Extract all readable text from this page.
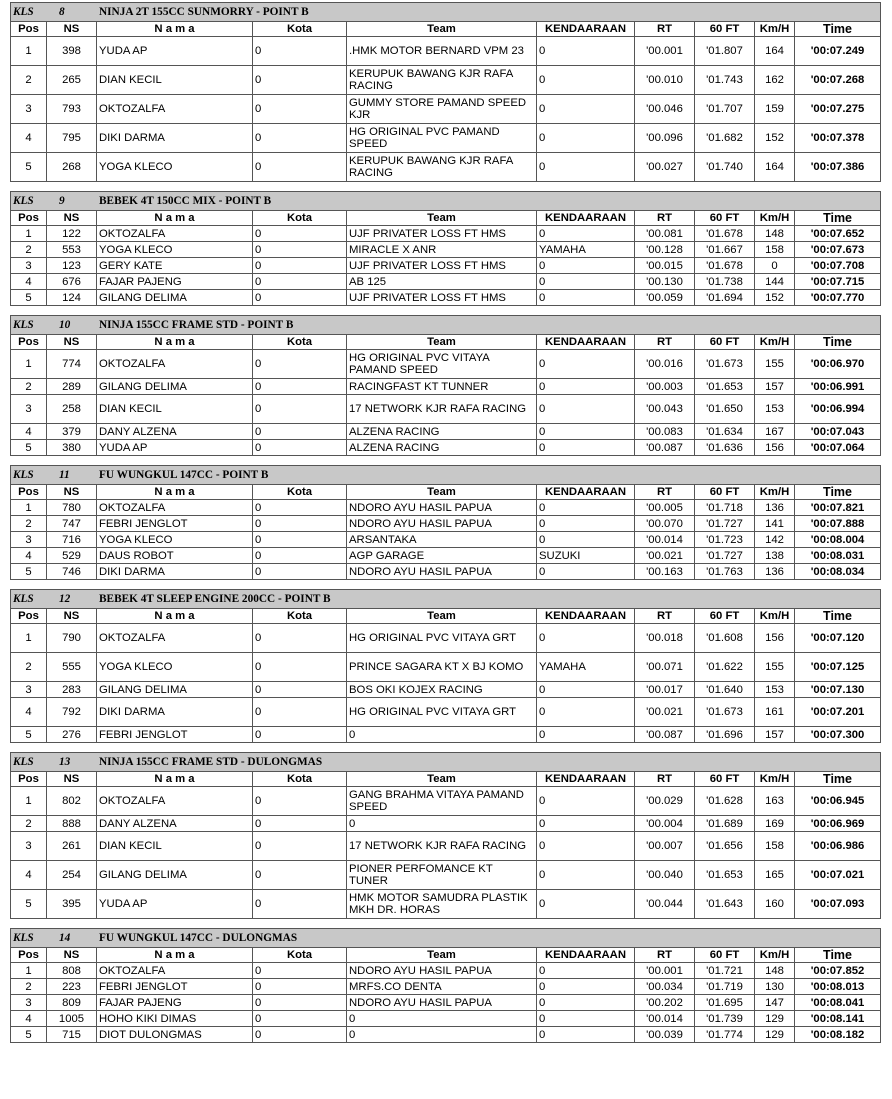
KLS 8 NINJA 2T 155CC SUNMORRY - POINT B									
Pos	NS	N a m a	Kota	Team	KENDAARAAN	RT	60 FT	Km/H	Time
1	398	YUDA AP	0	.HMK MOTOR BERNARD VPM 23	0	'00.001	'01.807	164	'00:07.249
2	265	DIAN KECIL	0	KERUPUK BAWANG KJR RAFA RACING	0	'00.010	'01.743	162	'00:07.268
3	793	OKTOZALFA	0	GUMMY STORE PAMAND SPEED KJR	0	'00.046	'01.707	159	'00:07.275
4	795	DIKI DARMA	0	HG ORIGINAL PVC PAMAND SPEED	0	'00.096	'01.682	152	'00:07.378
5	268	YOGA KLECO	0	KERUPUK BAWANG KJR RAFA RACING	0	'00.027	'01.740	164	'00:07.386
KLS 9 BEBEK 4T 150CC MIX - POINT B									
Pos	NS	N a m a	Kota	Team	KENDAARAAN	RT	60 FT	Km/H	Time
1	122	OKTOZALFA	0	UJF PRIVATER LOSS FT HMS	0	'00.081	'01.678	148	'00:07.652
2	553	YOGA KLECO	0	MIRACLE X ANR	YAMAHA	'00.128	'01.667	158	'00:07.673
3	123	GERY KATE	0	UJF PRIVATER LOSS FT HMS	0	'00.015	'01.678	0	'00:07.708
4	676	FAJAR PAJENG	0	AB 125	0	'00.130	'01.738	144	'00:07.715
5	124	GILANG DELIMA	0	UJF PRIVATER LOSS FT HMS	0	'00.059	'01.694	152	'00:07.770
KLS 10 NINJA 155CC FRAME STD - POINT B									
Pos	NS	N a m a	Kota	Team	KENDAARAAN	RT	60 FT	Km/H	Time
1	774	OKTOZALFA	0	HG ORIGINAL PVC VITAYA PAMAND SPEED	0	'00.016	'01.673	155	'00:06.970
2	289	GILANG DELIMA	0	RACINGFAST KT TUNNER	0	'00.003	'01.653	157	'00:06.991
3	258	DIAN KECIL	0	17 NETWORK KJR RAFA RACING	0	'00.043	'01.650	153	'00:06.994
4	379	DANY ALZENA	0	ALZENA RACING	0	'00.083	'01.634	167	'00:07.043
5	380	YUDA AP	0	ALZENA RACING	0	'00.087	'01.636	156	'00:07.064
KLS 11 FU WUNGKUL 147CC - POINT B									
Pos	NS	N a m a	Kota	Team	KENDAARAAN	RT	60 FT	Km/H	Time
1	780	OKTOZALFA	0	NDORO AYU HASIL PAPUA	0	'00.005	'01.718	136	'00:07.821
2	747	FEBRI JENGLOT	0	NDORO AYU HASIL PAPUA	0	'00.070	'01.727	141	'00:07.888
3	716	YOGA KLECO	0	ARSANTAKA	0	'00.014	'01.723	142	'00:08.004
4	529	DAUS ROBOT	0	AGP GARAGE	SUZUKI	'00.021	'01.727	138	'00:08.031
5	746	DIKI DARMA	0	NDORO AYU HASIL PAPUA	0	'00.163	'01.763	136	'00:08.034
KLS 12 BEBEK 4T SLEEP ENGINE 200CC - POINT B									
Pos	NS	N a m a	Kota	Team	KENDAARAAN	RT	60 FT	Km/H	Time
1	790	OKTOZALFA	0	HG ORIGINAL PVC VITAYA GRT	0	'00.018	'01.608	156	'00:07.120
2	555	YOGA KLECO	0	PRINCE SAGARA KT X BJ KOMO	YAMAHA	'00.071	'01.622	155	'00:07.125
3	283	GILANG DELIMA	0	BOS OKI KOJEX RACING	0	'00.017	'01.640	153	'00:07.130
4	792	DIKI DARMA	0	HG ORIGINAL PVC VITAYA GRT	0	'00.021	'01.673	161	'00:07.201
5	276	FEBRI JENGLOT	0	0	0	'00.087	'01.696	157	'00:07.300
KLS 13 NINJA 155CC FRAME STD - DULONGMAS									
Pos	NS	N a m a	Kota	Team	KENDAARAAN	RT	60 FT	Km/H	Time
1	802	OKTOZALFA	0	GANG BRAHMA VITAYA PAMAND SPEED	0	'00.029	'01.628	163	'00:06.945
2	888	DANY ALZENA	0	0	0	'00.004	'01.689	169	'00:06.969
3	261	DIAN KECIL	0	17 NETWORK KJR RAFA RACING	0	'00.007	'01.656	158	'00:06.986
4	254	GILANG DELIMA	0	PIONER PERFOMANCE KT TUNER	0	'00.040	'01.653	165	'00:07.021
5	395	YUDA AP	0	HMK MOTOR SAMUDRA PLASTIK MKH DR. HORAS	0	'00.044	'01.643	160	'00:07.093
KLS 14 FU WUNGKUL 147CC - DULONGMAS									
Pos	NS	N a m a	Kota	Team	KENDAARAAN	RT	60 FT	Km/H	Time
1	808	OKTOZALFA	0	NDORO AYU HASIL PAPUA	0	'00.001	'01.721	148	'00:07.852
2	223	FEBRI JENGLOT	0	MRFS.CO DENTA	0	'00.034	'01.719	130	'00:08.013
3	809	FAJAR PAJENG	0	NDORO AYU HASIL PAPUA	0	'00.202	'01.695	147	'00:08.041
4	1005	HOHO KIKI DIMAS	0	0	0	'00.014	'01.739	129	'00:08.141
5	715	DIOT DULONGMAS	0	0	0	'00.039	'01.774	129	'00:08.182
